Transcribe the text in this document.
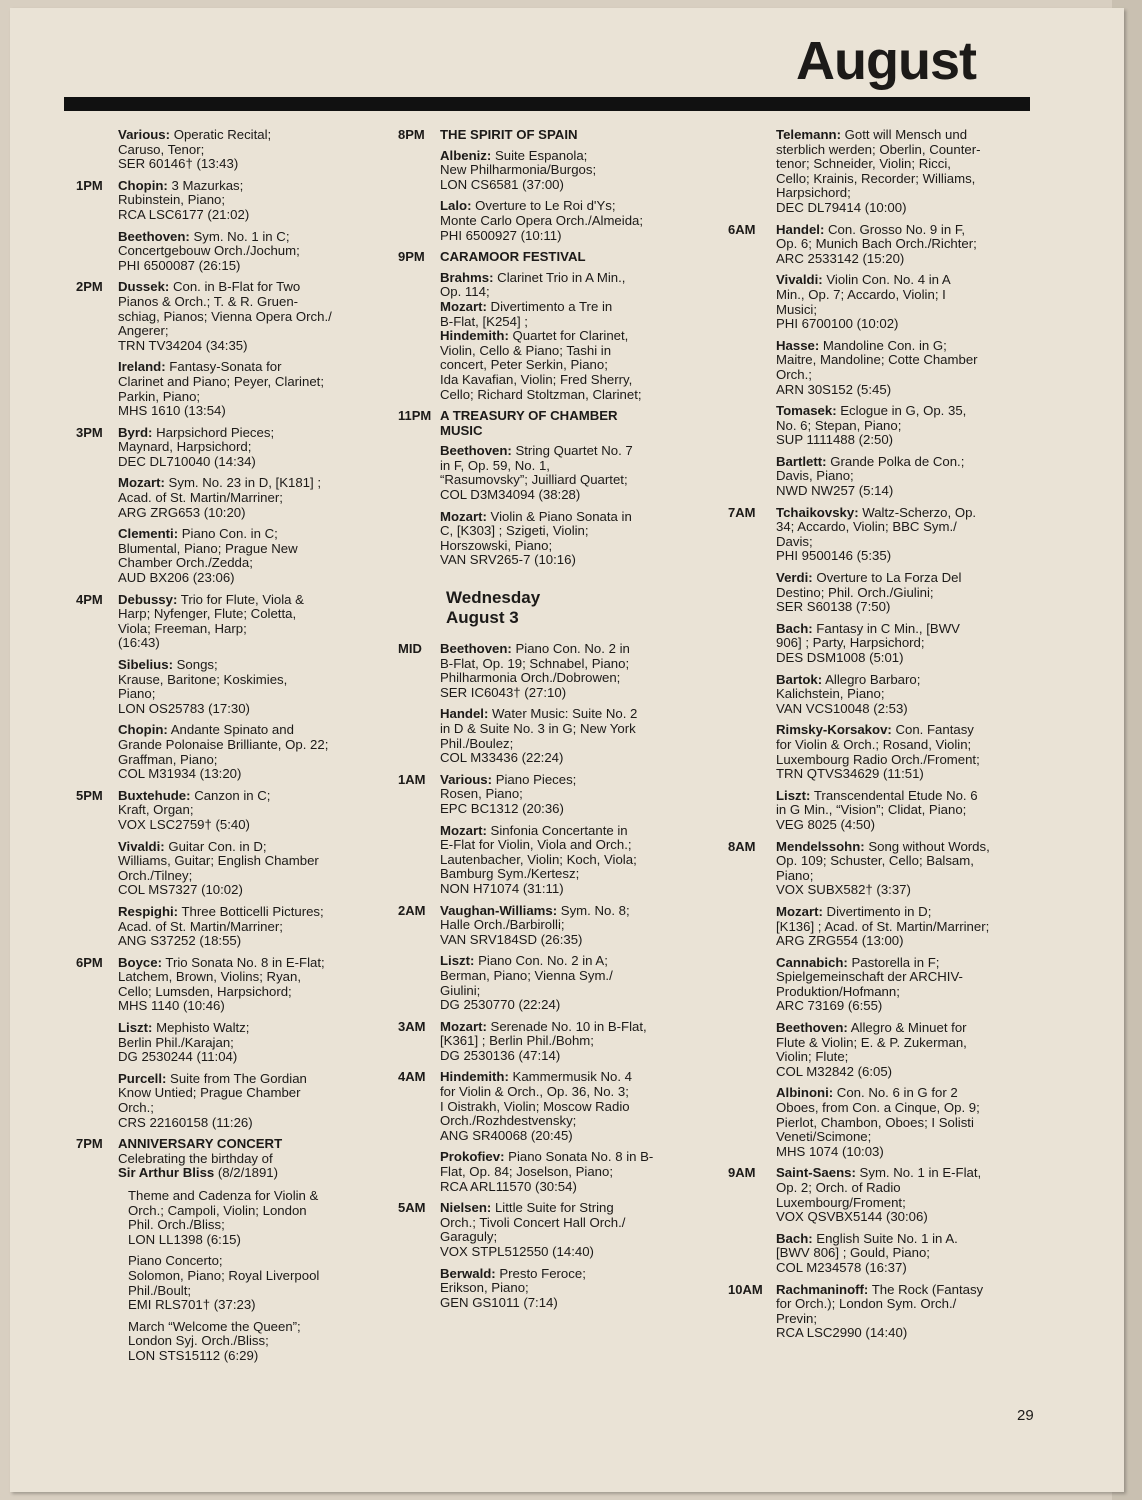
August
Various: Operatic Recital;
Caruso, Tenor;
SER 60146† (13:43)
1PM	Chopin: 3 Mazurkas;
Rubinstein, Piano;
RCA LSC6177 (21:02)
Beethoven: Sym. No. 1 in C;
Concertgebouw Orch./Jochum;
PHI 6500087 (26:15)
2PM	Dussek: Con. in B-Flat for Two
Pianos & Orch.; T. & R. Gruen-
schiag, Pianos; Vienna Opera Orch./
Angerer;
TRN TV34204 (34:35)
Ireland: Fantasy-Sonata for
Clarinet and Piano; Peyer, Clarinet;
Parkin, Piano;
MHS 1610 (13:54)
3PM	Byrd: Harpsichord Pieces;
Maynard, Harpsichord;
DEC DL710040 (14:34)
Mozart: Sym. No. 23 in D, [K181] ;
Acad. of St. Martin/Marriner;
ARG ZRG653 (10:20)
Clementi: Piano Con. in C;
Blumental, Piano; Prague New
Chamber Orch./Zedda;
AUD BX206 (23:06)
4PM	Debussy: Trio for Flute, Viola &
Harp; Nyfenger, Flute; Coletta,
Viola; Freeman, Harp;
(16:43)
Sibelius: Songs;
Krause, Baritone; Koskimies,
Piano;
LON OS25783 (17:30)
Chopin: Andante Spinato and
Grande Polonaise Brilliante, Op. 22;
Graffman, Piano;
COL M31934 (13:20)
5PM	Buxtehude: Canzon in C;
Kraft, Organ;
VOX LSC2759† (5:40)
Vivaldi: Guitar Con. in D;
Williams, Guitar; English Chamber
Orch./Tilney;
COL MS7327 (10:02)
Respighi: Three Botticelli Pictures;
Acad. of St. Martin/Marriner;
ANG S37252 (18:55)
6PM	Boyce: Trio Sonata No. 8 in E-Flat;
Latchem, Brown, Violins; Ryan,
Cello; Lumsden, Harpsichord;
MHS 1140 (10:46)
Liszt: Mephisto Waltz;
Berlin Phil./Karajan;
DG 2530244 (11:04)
Purcell: Suite from The Gordian
Know Untied; Prague Chamber
Orch.;
CRS 22160158 (11:26)
7PM	ANNIVERSARY CONCERT
Celebrating the birthday of
Sir Arthur Bliss (8/2/1891)
Theme and Cadenza for Violin &
Orch.; Campoli, Violin; London
Phil. Orch./Bliss;
LON LL1398 (6:15)
Piano Concerto;
Solomon, Piano; Royal Liverpool
Phil./Boult;
EMI RLS701† (37:23)
March “Welcome the Queen”;
London Syj. Orch./Bliss;
LON STS15112 (6:29)
8PM	THE SPIRIT OF SPAIN
Albeniz: Suite Espanola;
New Philharmonia/Burgos;
LON CS6581 (37:00)
Lalo: Overture to Le Roi d'Ys;
Monte Carlo Opera Orch./Almeida;
PHI 6500927 (10:11)
9PM	CARAMOOR FESTIVAL
Brahms: Clarinet Trio in A Min.,
Op. 114;
Mozart: Divertimento a Tre in
B-Flat, [K254] ;
Hindemith: Quartet for Clarinet,
Violin, Cello & Piano; Tashi in
concert, Peter Serkin, Piano;
Ida Kavafian, Violin; Fred Sherry,
Cello; Richard Stoltzman, Clarinet;
11PM A TREASURY OF CHAMBER
MUSIC
Beethoven: String Quartet No. 7
in F, Op. 59, No. 1,
“Rasumovsky”; Juilliard Quartet;
COL D3M34094 (38:28)
Mozart: Violin & Piano Sonata in
C, [K303] ; Szigeti, Violin;
Horszowski, Piano;
VAN SRV265-7 (10:16)
Wednesday
August 3
MID	Beethoven: Piano Con. No. 2 in
B-Flat, Op. 19; Schnabel, Piano;
Philharmonia Orch./Dobrowen;
SER IC6043† (27:10)
Handel: Water Music: Suite No. 2
in D & Suite No. 3 in G; New York
Phil./Boulez;
COL M33436 (22:24)
1AM	Various: Piano Pieces;
Rosen, Piano;
EPC BC1312 (20:36)
Mozart: Sinfonia Concertante in
E-Flat for Violin, Viola and Orch.;
Lautenbacher, Violin; Koch, Viola;
Bamburg Sym./Kertesz;
NON H71074 (31:11)
2AM	Vaughan-Williams: Sym. No. 8;
Halle Orch./Barbirolli;
VAN SRV184SD (26:35)
Liszt: Piano Con. No. 2 in A;
Berman, Piano; Vienna Sym./
Giulini;
DG 2530770 (22:24)
3AM	Mozart: Serenade No. 10 in B-Flat,
[K361] ; Berlin Phil./Bohm;
DG 2530136 (47:14)
4AM	Hindemith: Kammermusik No. 4
for Violin & Orch., Op. 36, No. 3;
I Oistrakh, Violin; Moscow Radio
Orch./Rozhdestvensky;
ANG SR40068 (20:45)
Prokofiev: Piano Sonata No. 8 in B-
Flat, Op. 84; Joselson, Piano;
RCA ARL11570 (30:54)
5AM	Nielsen: Little Suite for String
Orch.; Tivoli Concert Hall Orch./
Garaguly;
VOX STPL512550 (14:40)
Berwald: Presto Feroce;
Erikson, Piano;
GEN GS1011 (7:14)
Telemann: Gott will Mensch und
sterblich werden; Oberlin, Counter-
tenor; Schneider, Violin; Ricci,
Cello; Krainis, Recorder; Williams,
Harpsichord;
DEC DL79414 (10:00)
6AM	Handel: Con. Grosso No. 9 in F,
Op. 6; Munich Bach Orch./Richter;
ARC 2533142 (15:20)
Vivaldi: Violin Con. No. 4 in A
Min., Op. 7; Accardo, Violin; I
Musici;
PHI 6700100 (10:02)
Hasse: Mandoline Con. in G;
Maitre, Mandoline; Cotte Chamber
Orch.;
ARN 30S152 (5:45)
Tomasek: Eclogue in G, Op. 35,
No. 6; Stepan, Piano;
SUP 1111488 (2:50)
Bartlett: Grande Polka de Con.;
Davis, Piano;
NWD NW257 (5:14)
7AM	Tchaikovsky: Waltz-Scherzo, Op.
34; Accardo, Violin; BBC Sym./
Davis;
PHI 9500146 (5:35)
Verdi: Overture to La Forza Del
Destino; Phil. Orch./Giulini;
SER S60138 (7:50)
Bach: Fantasy in C Min., [BWV
906] ; Party, Harpsichord;
DES DSM1008 (5:01)
Bartok: Allegro Barbaro;
Kalichstein, Piano;
VAN VCS10048 (2:53)
Rimsky-Korsakov: Con. Fantasy
for Violin & Orch.; Rosand, Violin;
Luxembourg Radio Orch./Froment;
TRN QTVS34629 (11:51)
Liszt: Transcendental Etude No. 6
in G Min., “Vision”; Clidat, Piano;
VEG 8025 (4:50)
8AM	Mendelssohn: Song without Words,
Op. 109; Schuster, Cello; Balsam,
Piano;
VOX SUBX582† (3:37)
Mozart: Divertimento in D;
[K136] ; Acad. of St. Martin/Marriner;
ARG ZRG554 (13:00)
Cannabich: Pastorella in F;
Spielgemeinschaft der ARCHIV-
Produktion/Hofmann;
ARC 73169 (6:55)
Beethoven: Allegro & Minuet for
Flute & Violin; E. & P. Zukerman,
Violin; Flute;
COL M32842 (6:05)
Albinoni: Con. No. 6 in G for 2
Oboes, from Con. a Cinque, Op. 9;
Pierlot, Chambon, Oboes; I Solisti
Veneti/Scimone;
MHS 1074 (10:03)
9AM	Saint-Saens: Sym. No. 1 in E-Flat,
Op. 2; Orch. of Radio
Luxembourg/Froment;
VOX QSVBX5144 (30:06)
Bach: English Suite No. 1 in A.
[BWV 806] ; Gould, Piano;
COL M234578 (16:37)
10AM	Rachmaninoff: The Rock (Fantasy
for Orch.); London Sym. Orch./
Previn;
RCA LSC2990 (14:40)
29
